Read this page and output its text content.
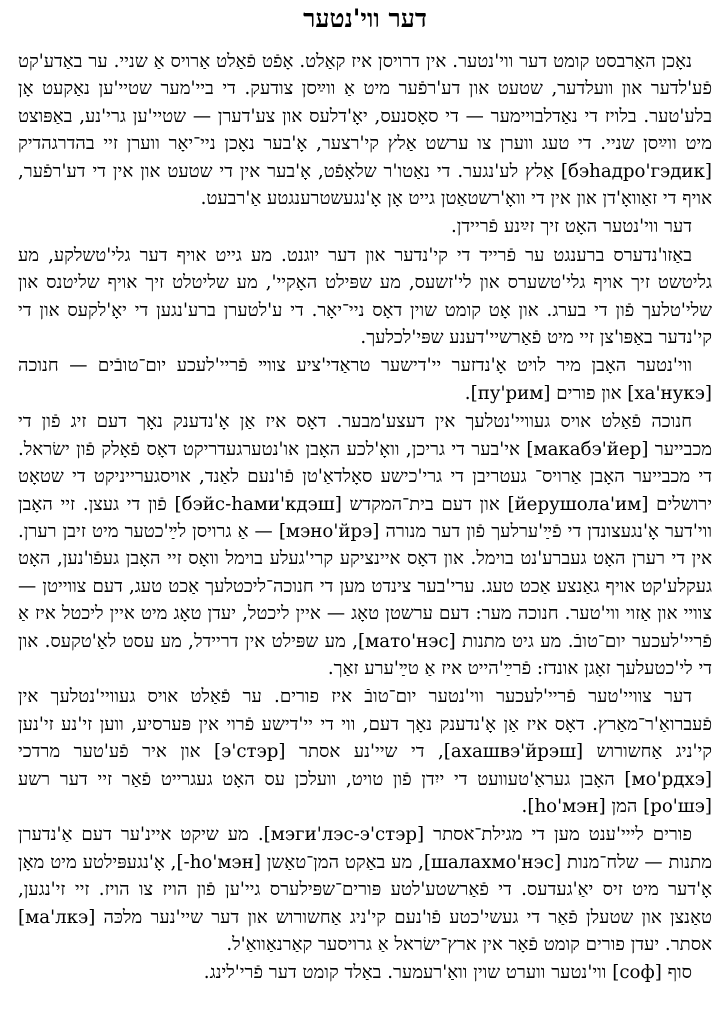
דער ווי'נטער

נאָכן האַרבסט קומט דער ווי'נטער. אין דרויסן איז קאַלט. אָפֿט פֿאַלט אַרויס אַ שניי. ער באַדע'קט פֿע'לדער און וועלדער, שטעט און דע'רפֿער מיט אַ ווײַסן צודעק. די ביי'מער שטיי'ען נאַקעט אָן בלע'טער. בלויז די נאַדלבויימער — די סאָסנעס, יאָ'דלעס און צע'דערן — שטיי'ען גרי'נע, באַפּוצט מיט ווײַסן שניי. די טעג ווערן צו ערשט אַלץ קי'רצער, אָ'בער נאָכן ניי־יאָר ווערן זיי בהדרגהדיק [бэhадрo'гэдик] אַלץ לע'נגער. די נאַטו'ר שלאָפֿט, אָ'בער אין די שטעט און אין די דע'רפֿער, אויף די זאַוואָ'דן און אין די וואָ'רשטאַטן גייט אָן אָ'נגעשטרענגטע אַ'רבעט.

דער ווי'נטער האָט זיך זײַנע פֿריידן.

באַזו'נדערס ברענגט ער פֿרייד די קי'נדער און דער יוגנט. מע גייט אויף דער גלי'טשלקע, מע גליטשט זיך אויף גלי'טשערס און לי'זשעס, מע שפּילט האָקיי', מע שליטלט זיך אויף שליטנס און שלי'טלעך פֿון די בערג. און אָט קומט שוין דאָס ניי־יאָר. די ע'לטערן ברע'נגען די יאָ'לקעס און די קי'נדער באַפּו'צן זיי מיט פֿאַרשיי'דענע שפּי'לכלעך.

ווי'נטער האָבן מיר לויט אָ'נדזער יי'דישער טראַדי'ציע צווײ פֿריי'לעכע יום־טובֿים — חנוכה [ха'нукэ] און פורים [пу'рим].

חנוכה פֿאַלט אויס געוויי'נטלעך אין דעצע'מבער. דאָס איז אַן אָ'נדענק נאָך דעם זיג פֿון די מכבייער [макабэ'йер] אי'בער די גריכן, וואָ'לכע האָבן או'נטערגעדריקט דאָס פֿאָלק פֿון ישׂראל. די מכבייער האָבן אַרויס־ געטריבן די גרי'כישע סאָלדאַ'טן פֿו'נעם לאַנד, אויסגערייניקט די שטאָט ירושלים [йерушола'им] און דעם בית־המקדש [бэйс-hами'кдэш] פֿון די געצן. זיי האָבן ווי'דער אָ'נגעצונדן די פֿײַ'ערלעך פֿון דער מנורה [мэно'йрэ] — אַ גרויסן לײַ'כטער מיט זיבן רערן. אין די רערן האָט געברע'נט בוימל. און דאָס איינציקע קרי'געלע בוימל וואָס זיי האָבן געפֿו'נען, האָט געקלע'קט אויף גאַנצע אַכט טעג. ערי'בער צינדט מען די חנוכה־ליכטלעך אַכט טעג, דעם צווייטן — צוויי און אַזוי ווי'טער. חנוכה מער: דעם ערשטן טאָג — איין ליכטל, יעדן טאָג מיט איין ליכטל איז אַ פֿריי'לעכער יום־טובֿ. מע גיט מתנות [мато'нэс], מע שפּילט אין דריידל, מע עסט לאַ'טקעס. און די לי'כטעלעך זאָגן אונדז: פֿרײַ'הייט איז אַ טײַ'ערע זאַך.

דער צוויי'טער פֿריי'לעכער ווי'נטער יום־טובֿ איז פורים. ער פֿאַלט אויס געוויי'נטלעך אין פֿעברואַ'ר־מאַרץ. דאָס איז אַן אָ'נדענק נאָך דעם, ווי די יי'דישע פֿרוי אין פּערסיע, ווען זי'נע זי'נען קי'ניג אַחשורוש [ахашвэ'йрэш], די שיי'נע אסתר [э'стэр] און איר פֿע'טער מרדכי [мо'рдхэ] האָבן געראַ'טעוועט די ייִדן פֿון טויט, וועלכן עס האָט געגרייט פֿאַר זיי דער רשע [ро'шэ] המן [hо'мэн].

פורים לייי'ענט מען די מגילת־אסתר [мэги'лэс-э'стэр]. מע שיקט איינ'ער דעם אַ'נדערן מתנות — שלח־מנות [шалахмо'нэс], מע באַקט המן־טאַשן [hо'мэн-], אָ'נגעפּילטע מיט מאָן אָ'דער מיט זיס יאַ'געדעס. די פֿאַרשטע'לטע פּורים־שפּילערס גיי'ען פֿון הויז צו הויז. זיי זי'נגען, טאַנצן און שטעלן פֿאַר די געשי'כטע פֿו'נעם קי'ניג אַחשורוש און דער שיי'נער מלכּה [ма'лкэ] אסתר. יעדן פורים קומט פֿאָר אין ארץ־ישׂראל אַ גרויסער קאַרנאַוואַ'ל.

סוף [соф] ווי'נטער ווערט שוין וואַ'רעמער. באַלד קומט דער פֿרי'לינג.
